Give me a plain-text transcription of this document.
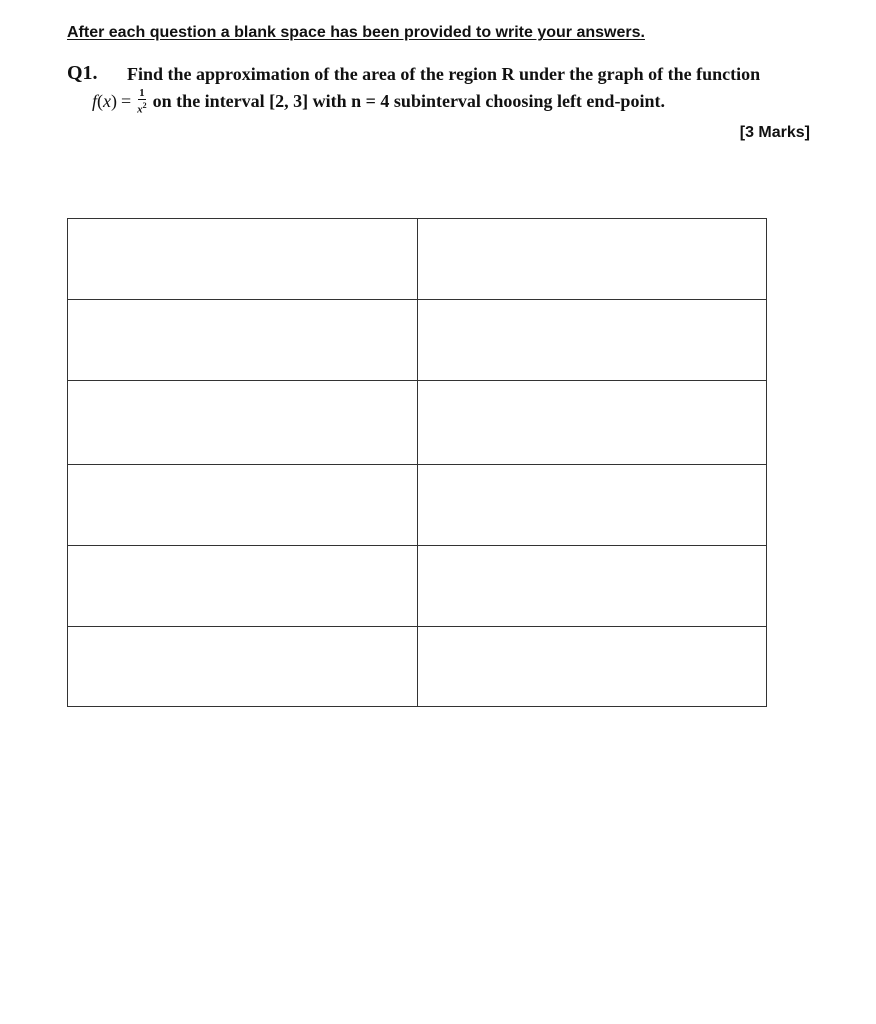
After each question a blank space has been provided to write your answers.
Q1. Find the approximation of the area of the region R under the graph of the function
f ( x ) = $\frac{1}{x^2}$ on the interval [2, 3] with n = 4 subinterval choosing left end-point.
[3 Marks]
